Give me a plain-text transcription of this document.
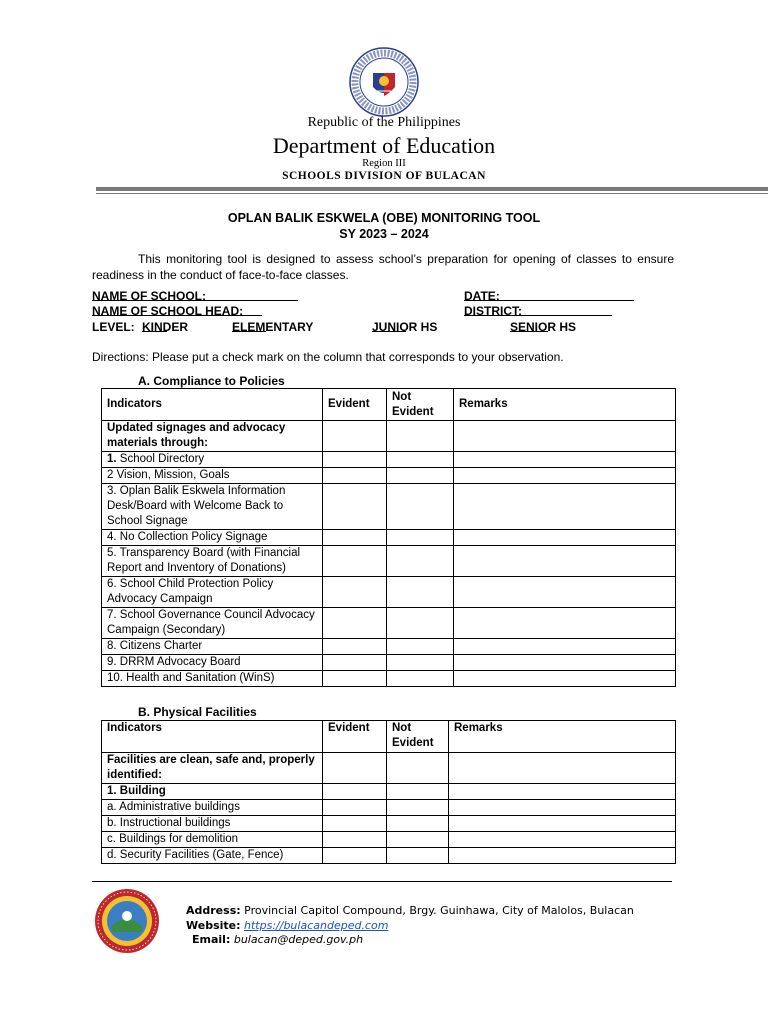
Republic of the Philippines
Department of Education
Region III
SCHOOLS DIVISION OF BULACAN
OPLAN BALIK ESKWELA (OBE) MONITORING TOOL
SY 2023 – 2024
This monitoring tool is designed to assess school’s preparation for opening of classes to ensure readiness in the conduct of face-to-face classes.
NAME OF SCHOOL:	DATE:
NAME OF SCHOOL HEAD:	DISTRICT:
LEVEL: KINDER	ELEMENTARY	JUNIOR HS	SENIOR HS
Directions: Please put a check mark on the column that corresponds to your observation.
A. Compliance to Policies
Indicators	Evident	Not Evident	Remarks
Updated signages and advocacy materials through:			
1. School Directory			
2 Vision, Mission, Goals			
3. Oplan Balik Eskwela Information Desk/Board with Welcome Back to School Signage			
4. No Collection Policy Signage			
5. Transparency Board (with Financial Report and Inventory of Donations)			
6. School Child Protection Policy Advocacy Campaign			
7. School Governance Council Advocacy Campaign (Secondary)			
8. Citizens Charter			
9. DRRM Advocacy Board			
10. Health and Sanitation (WinS)			
B. Physical Facilities
Indicators	Evident	Not Evident	Remarks
Facilities are clean, safe and, properly identified:			
1. Building			
a. Administrative buildings			
b. Instructional buildings			
c. Buildings for demolition			
d. Security Facilities (Gate, Fence)			
Address: Provincial Capitol Compound, Brgy. Guinhawa, City of Malolos, Bulacan
Website: https://bulacandeped.com
Email: bulacan@deped.gov.ph
